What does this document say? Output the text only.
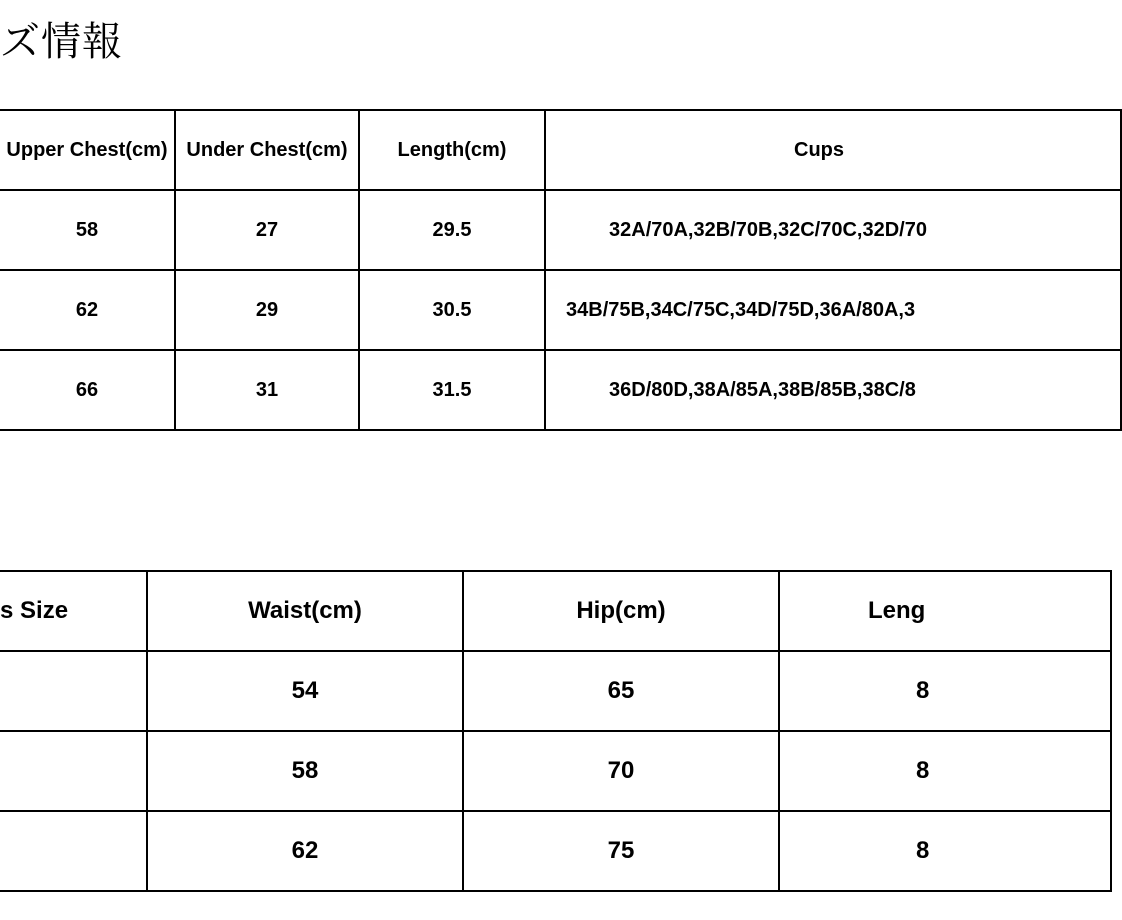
ズ情報
Upper Chest(cm)	Under Chest(cm)	Length(cm)	Cups
58	27	29.5	32A/70A,32B/70B,32C/70C,32D/70
62	29	30.5	34B/75B,34C/75C,34D/75D,36A/80A,3
66	31	31.5	36D/80D,38A/85A,38B/85B,38C/8
s Size	Waist(cm)	Hip(cm)	Leng
	54	65	8
	58	70	8
	62	75	8
